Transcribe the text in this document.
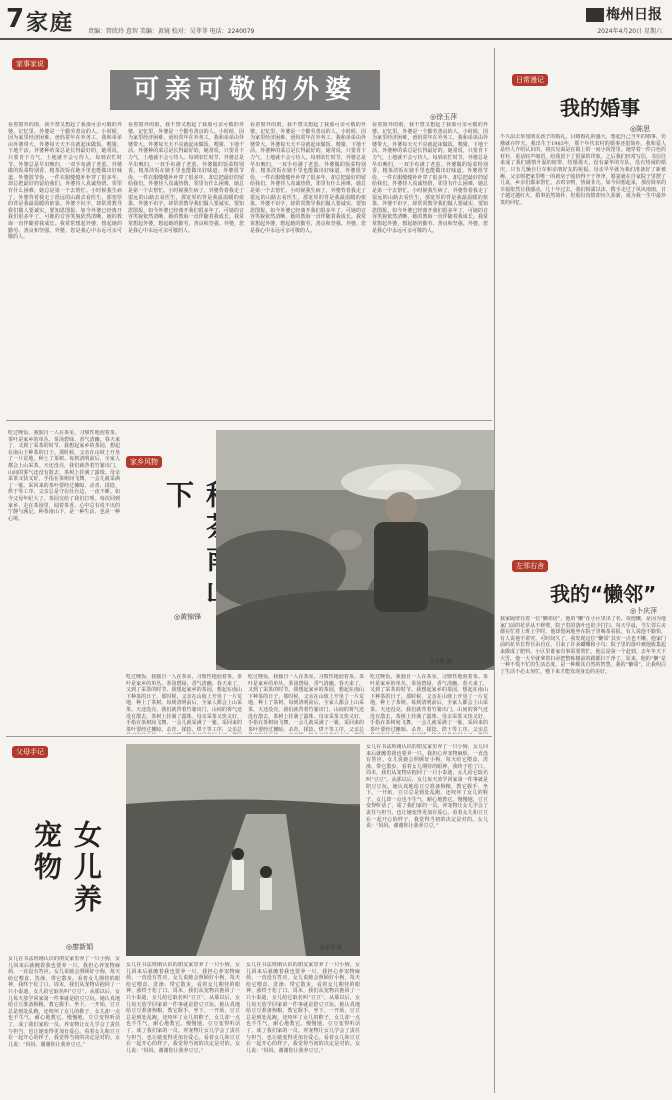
7 家庭 责编：管欣玲 意智 美编：黄镜 校对：吴菲菲 电话：2240079
梅州日报
2024年4月20日 星期六
家事家说
可亲可敬的外婆
◎徐玉萍
看着窗外的雨，我不禁又想起了我那可亲可敬的外婆。记忆里，外婆是一个勤劳善良的人。小时候，因为家里经济困难，爸妈常年在外务工，我和弟弟由外婆带大。外婆每天天不亮就起床做饭、喂猪、下地干活。外婆种的菜总是长得最好的，她常说，只要肯下力气，土地就不会亏待人。每到农忙时节，外婆总是早出晚归，一双手布满了老茧。外婆做的饭菜特别香，粗茶淡饭在她手里也能做出好味道。外婆很节俭，一件衣服缝缝补补穿了很多年，却总把最好的留给我们。外婆待人真诚热情，邻里有什么困难，她总是第一个去帮忙。小时候我生病了，外婆背着我走了很远的山路去看医生，那宽厚的背是我最温暖的依靠。外婆不识字，却常常教导我们做人要诚实、要知恩图报。如今外婆已经离开我们很多年了，可她的音容笑貌依然清晰，她的教诲一直伴随着我成长。我常常想起外婆，想起她的勤劳、善良和坚强。外婆，您是我心中永远可亲可敬的人。
看着窗外的雨，我不禁又想起了我那可亲可敬的外婆。记忆里，外婆是一个勤劳善良的人。小时候，因为家里经济困难，爸妈常年在外务工，我和弟弟由外婆带大。外婆每天天不亮就起床做饭、喂猪、下地干活。外婆种的菜总是长得最好的，她常说，只要肯下力气，土地就不会亏待人。每到农忙时节，外婆总是早出晚归，一双手布满了老茧。外婆做的饭菜特别香，粗茶淡饭在她手里也能做出好味道。外婆很节俭，一件衣服缝缝补补穿了很多年，却总把最好的留给我们。外婆待人真诚热情，邻里有什么困难，她总是第一个去帮忙。小时候我生病了，外婆背着我走了很远的山路去看医生，那宽厚的背是我最温暖的依靠。外婆不识字，却常常教导我们做人要诚实、要知恩图报。如今外婆已经离开我们很多年了，可她的音容笑貌依然清晰，她的教诲一直伴随着我成长。我常常想起外婆，想起她的勤劳、善良和坚强。外婆，您是我心中永远可亲可敬的人。
看着窗外的雨，我不禁又想起了我那可亲可敬的外婆。记忆里，外婆是一个勤劳善良的人。小时候，因为家里经济困难，爸妈常年在外务工，我和弟弟由外婆带大。外婆每天天不亮就起床做饭、喂猪、下地干活。外婆种的菜总是长得最好的，她常说，只要肯下力气，土地就不会亏待人。每到农忙时节，外婆总是早出晚归，一双手布满了老茧。外婆做的饭菜特别香，粗茶淡饭在她手里也能做出好味道。外婆很节俭，一件衣服缝缝补补穿了很多年，却总把最好的留给我们。外婆待人真诚热情，邻里有什么困难，她总是第一个去帮忙。小时候我生病了，外婆背着我走了很远的山路去看医生，那宽厚的背是我最温暖的依靠。外婆不识字，却常常教导我们做人要诚实、要知恩图报。如今外婆已经离开我们很多年了，可她的音容笑貌依然清晰，她的教诲一直伴随着我成长。我常常想起外婆，想起她的勤劳、善良和坚强。外婆，您是我心中永远可亲可敬的人。
看着窗外的雨，我不禁又想起了我那可亲可敬的外婆。记忆里，外婆是一个勤劳善良的人。小时候，因为家里经济困难，爸妈常年在外务工，我和弟弟由外婆带大。外婆每天天不亮就起床做饭、喂猪、下地干活。外婆种的菜总是长得最好的，她常说，只要肯下力气，土地就不会亏待人。每到农忙时节，外婆总是早出晚归，一双手布满了老茧。外婆做的饭菜特别香，粗茶淡饭在她手里也能做出好味道。外婆很节俭，一件衣服缝缝补补穿了很多年，却总把最好的留给我们。外婆待人真诚热情，邻里有什么困难，她总是第一个去帮忙。小时候我生病了，外婆背着我走了很远的山路去看医生，那宽厚的背是我最温暖的依靠。外婆不识字，却常常教导我们做人要诚实、要知恩图报。如今外婆已经离开我们很多年了，可她的音容笑貌依然清晰，她的教诲一直伴随着我成长。我常常想起外婆，想起她的勤劳、善良和坚强。外婆，您是我心中永远可亲可敬的人。
日常漫记
我的婚事
◎陈思
不久前去参加朋友孩子的婚礼，目睹婚礼的盛大，想起自己当年的婚事，仿佛就在昨天。我出生于1983年，那个年代农村的婚事还很简朴。我和爱人是经人介绍认识的，初次见面是在镇上的一间小饭馆里。她穿着一件白色的衬衫，说话轻声细语，给我留下了很深的印象。之后我们经常写信，书信往来成了我们感情升温的纽带。结婚那天，没有豪华的车队，没有热闹的婚庆，只有几辆自行车和亲朋好友的祝福。母亲早早就为我们准备好了新被褥，父亲则把家里唯一的新房子收拾得干干净净。婚宴就在自家院子里摆了几桌，乡亲们都来帮忙，杀鸡宰鸭，热闹非凡。如今回想起来，那份简单的幸福依然让我感动。几十年过去，我们相濡以沫，携手走过了风风雨雨，日子越过越红火。婚事虽然简朴，但那份真情却历久弥新，成为我一生中最珍贵的回忆。
吃过晚饭，我独自一人在茶室，习惯性地泡着茶。茶叶是家乡的单丛，茶汤碧绿，香气清幽。春天来了，又到了采茶的时节。我想起家乡的茶园，想起在南山下种茶的日子。那时候，父亲在山坡上开垦了一片荒地，种上了茶树。每到清明前后，全家人都会上山采茶。天还没亮，我们就背着竹篓出门，山间的雾气还没有散去，茶树上挂满了露珠。母亲采茶又快又好，手指在茶树间飞舞，一会儿就采满了一篓。采回来的茶叶要经过摊晾、杀青、揉捻、烘干等工序，父亲总是守在灶台边，一夜不睡。如今父母年纪大了，茶园交给了我们打理。每次回到家乡，走在茶园里，闻着茶香，心中总有说不出的宁静与满足。种茶南山下，是一种生活，也是一种心境。
家乡风物
下
◎黄锦锋
张志明 摄
吃过晚饭，我独自一人在茶室，习惯性地泡着茶。茶叶是家乡的单丛，茶汤碧绿，香气清幽。春天来了，又到了采茶的时节。我想起家乡的茶园，想起在南山下种茶的日子。那时候，父亲在山坡上开垦了一片荒地，种上了茶树。每到清明前后，全家人都会上山采茶。天还没亮，我们就背着竹篓出门，山间的雾气还没有散去，茶树上挂满了露珠。母亲采茶又快又好，手指在茶树间飞舞，一会儿就采满了一篓。采回来的茶叶要经过摊晾、杀青、揉捻、烘干等工序，父亲总
吃过晚饭，我独自一人在茶室，习惯性地泡着茶。茶叶是家乡的单丛，茶汤碧绿，香气清幽。春天来了，又到了采茶的时节。我想起家乡的茶园，想起在南山下种茶的日子。那时候，父亲在山坡上开垦了一片荒地，种上了茶树。每到清明前后，全家人都会上山采茶。天还没亮，我们就背着竹篓出门，山间的雾气还没有散去，茶树上挂满了露珠。母亲采茶又快又好，手指在茶树间飞舞，一会儿就采满了一篓。采回来的茶叶要经过摊晾、杀青、揉捻、烘干等工序，父亲总
吃过晚饭，我独自一人在茶室，习惯性地泡着茶。茶叶是家乡的单丛，茶汤碧绿，香气清幽。春天来了，又到了采茶的时节。我想起家乡的茶园，想起在南山下种茶的日子。那时候，父亲在山坡上开垦了一片荒地，种上了茶树。每到清明前后，全家人都会上山采茶。天还没亮，我们就背着竹篓出门，山间的雾气还没有散去，茶树上挂满了露珠。母亲采茶又快又好，手指在茶树间飞舞，一会儿就采满了一篓。采回来的茶叶要经过摊晾、杀青、揉捻、烘干等工序，父亲总
左邻右舍
我的“懒邻”
◎卜庆萍
我家隔壁住着一位“懒邻居”，他的“懒”在小区里出了名。说他懒，是因为他家门前的花草从不修剪，院子里的落叶也很少打扫。每天早晨，当左邻右舍都在忙着上班上学时，他却悠闲地坐在院子里喝茶看报。有人说他不勤快，有人说他不讲究。可时间久了，我发现这位“懒邻”其实一点也不懒。他家门前的花草长得自由自在，引来了许多蝴蝶和小鸟；院子里的落叶被他收集起来做成了肥料。小区里谁家有事需要帮忙，他总是第一个赶到。去年冬天下大雪，他一大早就拿着扫帚把整栋楼前的路都扫干净了。原来，他的“懒”是一种不慌不忙的生活态度，是一种顺其自然的智慧。我的“懒邻”，让我明白了生活不必太匆忙，慢下来才能发现身边的美好。
父母手记
女儿养宠物
◎廖新娟	张晶琴 摄
女儿在书法班刚认识的朋友家里养了一只小狗，女儿回来后就缠着我也要养一只。我担心养宠物麻烦，一直没有答应。女儿说她会照顾好小狗，每天给它喂食、洗澡、带它散步。看着女儿期待的眼神，我终于松了口。周末，我们从宠物店抱回了一只小泰迪，女儿给它取名叫“豆豆”。从那以后，女儿每天放学回家第一件事就是陪豆豆玩。她认真地给豆豆准备狗粮，教它握手、坐下。一开始，豆豆总是到处乱跑，还咬坏了女儿的鞋子，女儿却一点也不生气，耐心地教它。慢慢地，豆豆变得听话了，成了我们家的一员。养宠物让女儿学会了责任与担当，也让她变得更加有爱心。看着女儿和豆豆在一起开心的样子，我觉得当初的决定是对的。女儿说：“妈妈，谢谢你让我养豆豆。”
女儿在书法班刚认识的朋友家里养了一只小狗，女儿回来后就缠着我也要养一只。我担心养宠物麻烦，一直没有答应。女儿说她会照顾好小狗，每天给它喂食、洗澡、带它散步。看着女儿期待的眼神，我终于松了口。周末，我们从宠物店抱回了一只小泰迪，女儿给它取名叫“豆豆”。从那以后，女儿每天放学回家第一件事就是陪豆豆玩。她认真地给豆豆准备狗粮，教它握手、坐下。一开始，豆豆总是到处乱跑，还咬坏了女儿的鞋子，女儿却一点也不生气，耐心地教它。慢慢地，豆豆变得听话了，成了我们家的一员。养宠物让女儿学会了责任与担当，也让她变得更加有爱心。看着女儿和豆豆在一起开心的样子，我觉得当初的决定是对的。女儿说：“妈妈，谢谢你让我养豆豆。”
女儿在书法班刚认识的朋友家里养了一只小狗，女儿回来后就缠着我也要养一只。我担心养宠物麻烦，一直没有答应。女儿说她会照顾好小狗，每天给它喂食、洗澡、带它散步。看着女儿期待的眼神，我终于松了口。周末，我们从宠物店抱回了一只小泰迪，女儿给它取名叫“豆豆”。从那以后，女儿每天放学回家第一件事就是陪豆豆玩。她认真地给豆豆准备狗粮，教它握手、坐下。一开始，豆豆总是到处乱跑，还咬坏了女儿的鞋子，女儿却一点也不生气，耐心地教它。慢慢地，豆豆变得听话了，成了我们家的一员。养宠物让女儿学会了责任与担当，也让她变得更加有爱心。看着女儿和豆豆在一起开心的样子，我觉得当初的决定是对的。女儿说：“妈妈，谢谢你让我养豆豆。”
女儿在书法班刚认识的朋友家里养了一只小狗，女儿回来后就缠着我也要养一只。我担心养宠物麻烦，一直没有答应。女儿说她会照顾好小狗，每天给它喂食、洗澡、带它散步。看着女儿期待的眼神，我终于松了口。周末，我们从宠物店抱回了一只小泰迪，女儿给它取名叫“豆豆”。从那以后，女儿每天放学回家第一件事就是陪豆豆玩。她认真地给豆豆准备狗粮，教它握手、坐下。一开始，豆豆总是到处乱跑，还咬坏了女儿的鞋子，女儿却一点也不生气，耐心地教它。慢慢地，豆豆变得听话了，成了我们家的一员。养宠物让女儿学会了责任与担当，也让她变得更加有爱心。看着女儿和豆豆在一起开心的样子，我觉得当初的决定是对的。女儿说：“妈妈，谢谢你让我养豆豆。”
